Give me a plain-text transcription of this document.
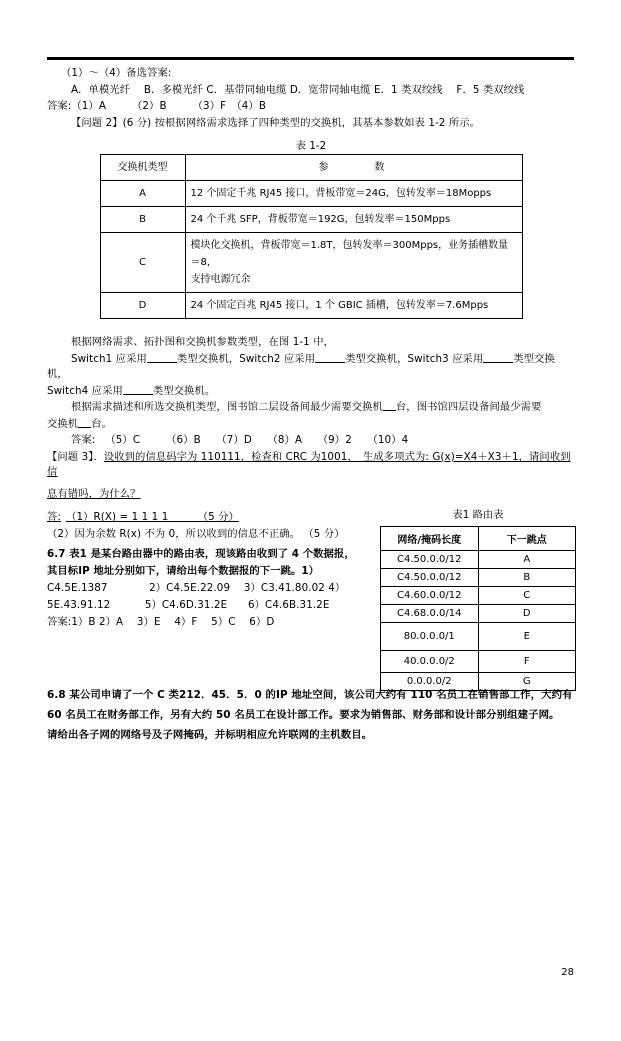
（1）～（4）备选答案:

A．单模光纤　 B．多模光纤 C．基带同轴电缆 D．宽带同轴电缆 E．1 类双绞线 　F．5 类双绞线

答案:（1）A　　　（2）B　　　（3）F　（4）B

【问题 2】(6 分) 按根据网络需求选择了四种类型的交换机，其基本参数如表 1-2 所示。

表 1-2
交换机类型	参　　　数
A	12 个固定千兆 RJ45 接口，背板带宽＝24G，包转发率＝18Mopps
B	24 个千兆 SFP，背板带宽＝192G，包转发率＝150Mpps
C	模块化交换机，背板带宽＝1.8T，包转发率＝300Mpps，业务插槽数量＝8，
支持电源冗余
D	24 个固定百兆 RJ45 接口，1 个 GBIC 插槽，包转发率＝7.6Mpps

根据网络需求、拓扑图和交换机参数类型，在图 1-1 中，

Switch1 应采用	类型交换机，Switch2 应采用	类型交换机，Switch3 应采用	类型交换机，

Switch4 应采用	类型交换机。

根据需求描述和所选交换机类型，图书馆二层设备间最少需要交换机 台，图书馆四层设备间最少需要

交换机 台。

答案: （5）C　　　（6）B　　（7）D　　（8）A　　（9）2　　（10）4

【问题 3】．设收到的信息码字为 110111，检查和 CRC 为1001，　生成多项式为: G(x)=X4＋X3＋1，请问收到信

息有错吗，为什么？

表1 路由表
网络/掩码长度	下一跳点
C4.50.0.0/12	A
C4.50.0.0/12	B
C4.60.0.0/12	C
C4.68.0.0/14	D
80.0.0.0/1	E
40.0.0.0/2	F
0.0.0.0/2	G

答:

（1）R(X) = 1 1 1 1 　　　（5 分）

（2）因为余数 R(x) 不为 0，所以收到的信息不正确。 （5 分）

6.7 表1 是某台路由器中的路由表，现该路由收到了 4 个数据报，

其目标IP 地址分别如下，请给出每个数据报的下一跳。1）

C4.5E.1387　　　　2）C4.5E.22.09　 3）C3.41.80.02 4）

5E.43.91.12　　　 5）C4.6D.31.2E　　6）C4.6B.31.2E

答案:1）B 2）A　 3）E　 4）F　 5）C　 6）D

6.8 某公司申请了一个 C 类212．45．5．0 的IP 地址空间，该公司大约有 110 名员工在销售部工作，大约有

60 名员工在财务部工作，另有大约 50 名员工在设计部工作。要求为销售部、财务部和设计部分别组建子网。

请给出各子网的网络号及子网掩码，并标明相应允许联网的主机数目。

28
